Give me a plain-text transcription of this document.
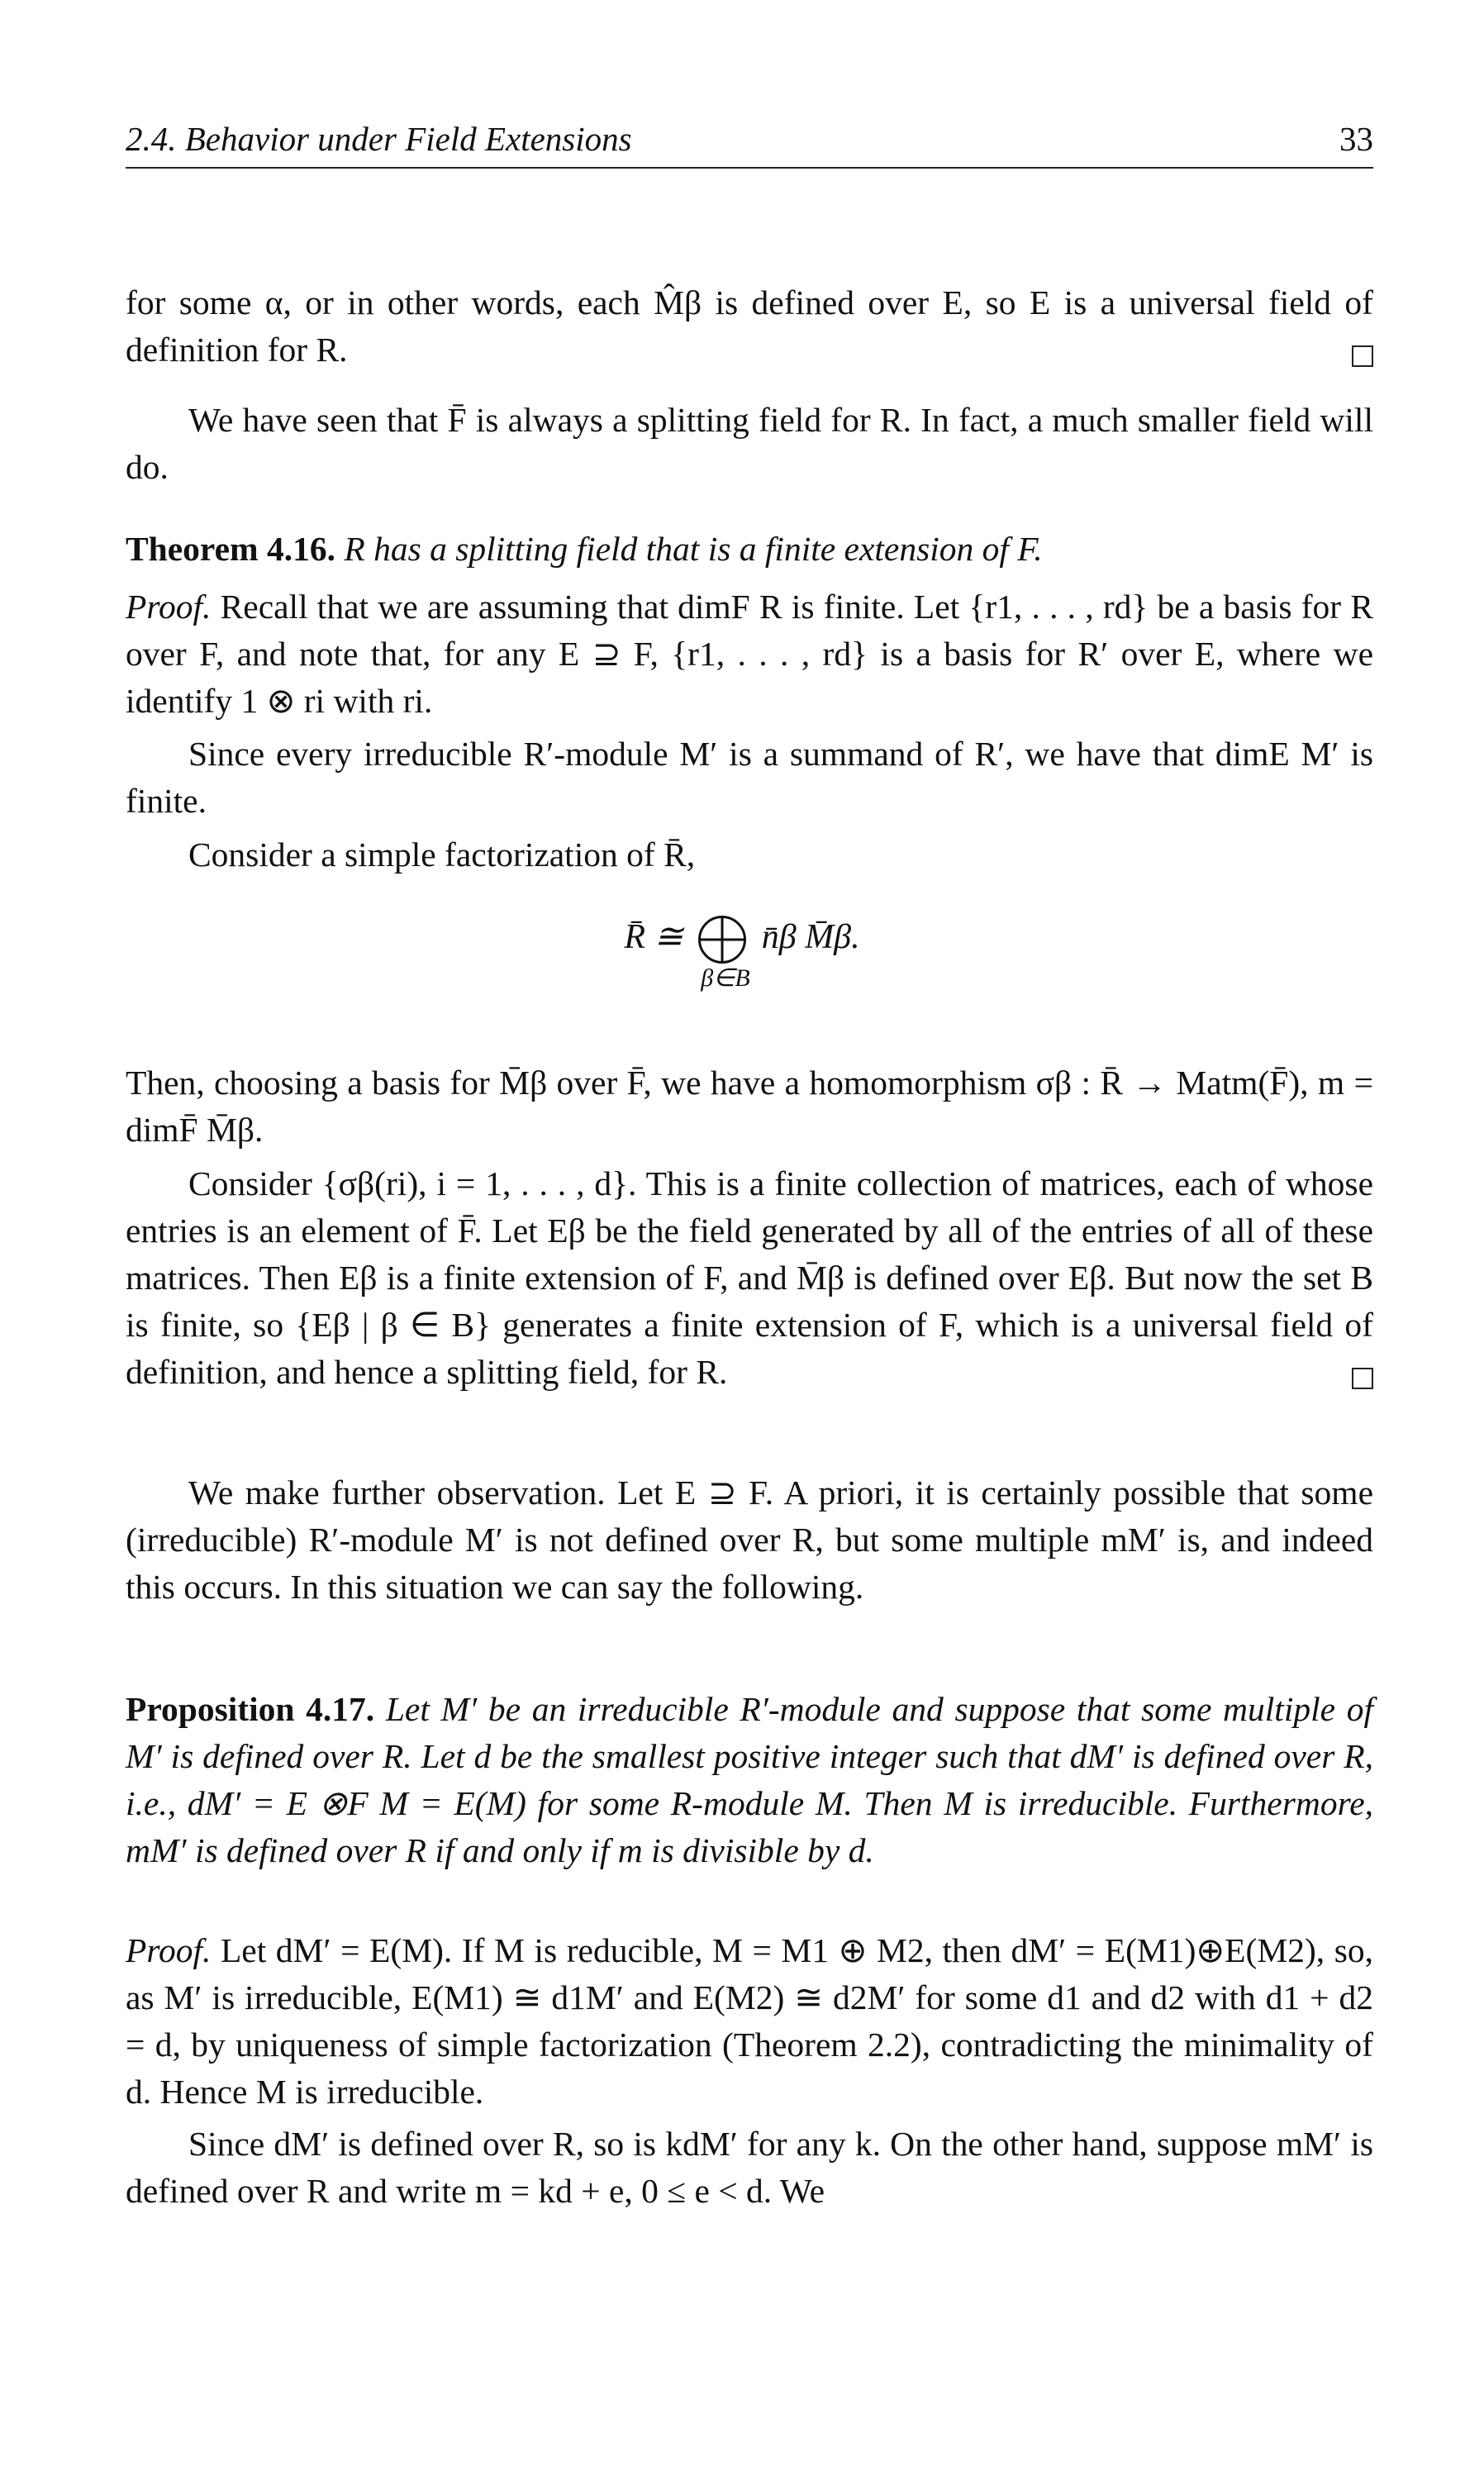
2.4. Behavior under Field Extensions	33
for some α, or in other words, each M̂β is defined over E, so E is a universal field of definition for R.
We have seen that F̄ is always a splitting field for R. In fact, a much smaller field will do.
Theorem 4.16. R has a splitting field that is a finite extension of F.
Proof. Recall that we are assuming that dimF R is finite. Let {r1, . . . , rd} be a basis for R over F, and note that, for any E ⊇ F, {r1, . . . , rd} is a basis for R′ over E, where we identify 1 ⊗ ri with ri.
Since every irreducible R′-module M′ is a summand of R′, we have that dimE M′ is finite.
Consider a simple factorization of R̄,
R̄ ≅ n̄β M̄β.
β∈B
Then, choosing a basis for M̄β over F̄, we have a homomorphism σβ : R̄ → Matm(F̄), m = dimF̄ M̄β.
Consider {σβ(ri), i = 1, . . . , d}. This is a finite collection of matrices, each of whose entries is an element of F̄. Let Eβ be the field generated by all of the entries of all of these matrices. Then Eβ is a finite extension of F, and M̄β is defined over Eβ. But now the set B is finite, so {Eβ | β ∈ B} generates a finite extension of F, which is a universal field of definition, and hence a splitting field, for R.
We make further observation. Let E ⊇ F. A priori, it is certainly possible that some (irreducible) R′-module M′ is not defined over R, but some multiple mM′ is, and indeed this occurs. In this situation we can say the following.
Proposition 4.17. Let M′ be an irreducible R′-module and suppose that some multiple of M′ is defined over R. Let d be the smallest positive integer such that dM′ is defined over R, i.e., dM′ = E ⊗F M = E(M) for some R-module M. Then M is irreducible. Furthermore, mM′ is defined over R if and only if m is divisible by d.
Proof. Let dM′ = E(M). If M is reducible, M = M1 ⊕ M2, then dM′ = E(M1)⊕E(M2), so, as M′ is irreducible, E(M1) ≅ d1M′ and E(M2) ≅ d2M′ for some d1 and d2 with d1 + d2 = d, by uniqueness of simple factorization (Theorem 2.2), contradicting the minimality of d. Hence M is irreducible.
Since dM′ is defined over R, so is kdM′ for any k. On the other hand, suppose mM′ is defined over R and write m = kd + e, 0 ≤ e < d. We
